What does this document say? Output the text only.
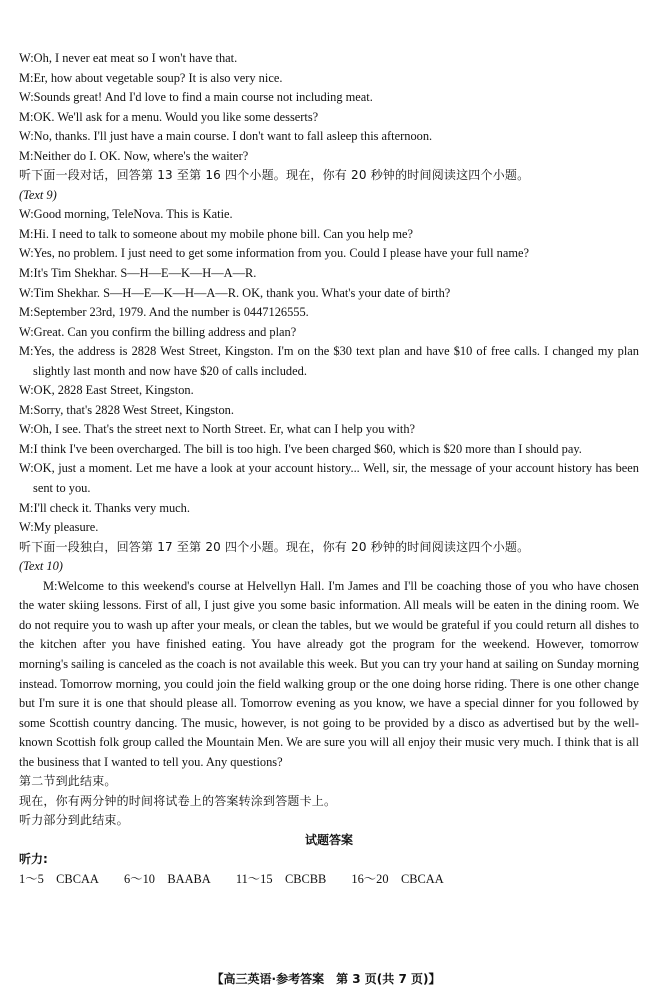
W:Oh, I never eat meat so I won't have that.
M:Er, how about vegetable soup? It is also very nice.
W:Sounds great! And I'd love to find a main course not including meat.
M:OK. We'll ask for a menu. Would you like some desserts?
W:No, thanks. I'll just have a main course. I don't want to fall asleep this afternoon.
M:Neither do I. OK. Now, where's the waiter?
听下面一段对话，回答第 13 至第 16 四个小题。现在，你有 20 秒钟的时间阅读这四个小题。
(Text 9)
W:Good morning, TeleNova. This is Katie.
M:Hi. I need to talk to someone about my mobile phone bill. Can you help me?
W:Yes, no problem. I just need to get some information from you. Could I please have your full name?
M:It's Tim Shekhar. S—H—E—K—H—A—R.
W:Tim Shekhar. S—H—E—K—H—A—R. OK, thank you. What's your date of birth?
M:September 23rd, 1979. And the number is 0447126555.
W:Great. Can you confirm the billing address and plan?
M:Yes, the address is 2828 West Street, Kingston. I'm on the $30 text plan and have $10 of free calls. I changed my plan slightly last month and now have $20 of calls included.
W:OK, 2828 East Street, Kingston.
M:Sorry, that's 2828 West Street, Kingston.
W:Oh, I see. That's the street next to North Street. Er, what can I help you with?
M:I think I've been overcharged. The bill is too high. I've been charged $60, which is $20 more than I should pay.
W:OK, just a moment. Let me have a look at your account history... Well, sir, the message of your account history has been sent to you.
M:I'll check it. Thanks very much.
W:My pleasure.
听下面一段独白，回答第 17 至第 20 四个小题。现在，你有 20 秒钟的时间阅读这四个小题。
(Text 10)
M:Welcome to this weekend's course at Helvellyn Hall. I'm James and I'll be coaching those of you who have chosen the water skiing lessons. First of all, I just give you some basic information. All meals will be eaten in the dining room. We do not require you to wash up after your meals, or clean the tables, but we would be grateful if you could return all dishes to the kitchen after you have finished eating. You have already got the program for the weekend. However, tomorrow morning's sailing is canceled as the coach is not available this week. But you can try your hand at sailing on Sunday morning instead. Tomorrow morning, you could join the field walking group or the one doing horse riding. There is one other change but I'm sure it is one that should please all. Tomorrow evening as you know, we have a special dinner for you followed by some Scottish country dancing. The music, however, is not going to be provided by a disco as advertised but by the well-known Scottish folk group called the Mountain Men. We are sure you will all enjoy their music very much. I think that is all the business that I wanted to tell you. Any questions?
第二节到此结束。
现在，你有两分钟的时间将试卷上的答案转涂到答题卡上。
听力部分到此结束。
试题答案
听力:
1～5　CBCAA 6～10　BAABA 11～15　CBCBB 16～20　CBCAA
【高三英语·参考答案　第 3 页(共 7 页)】
